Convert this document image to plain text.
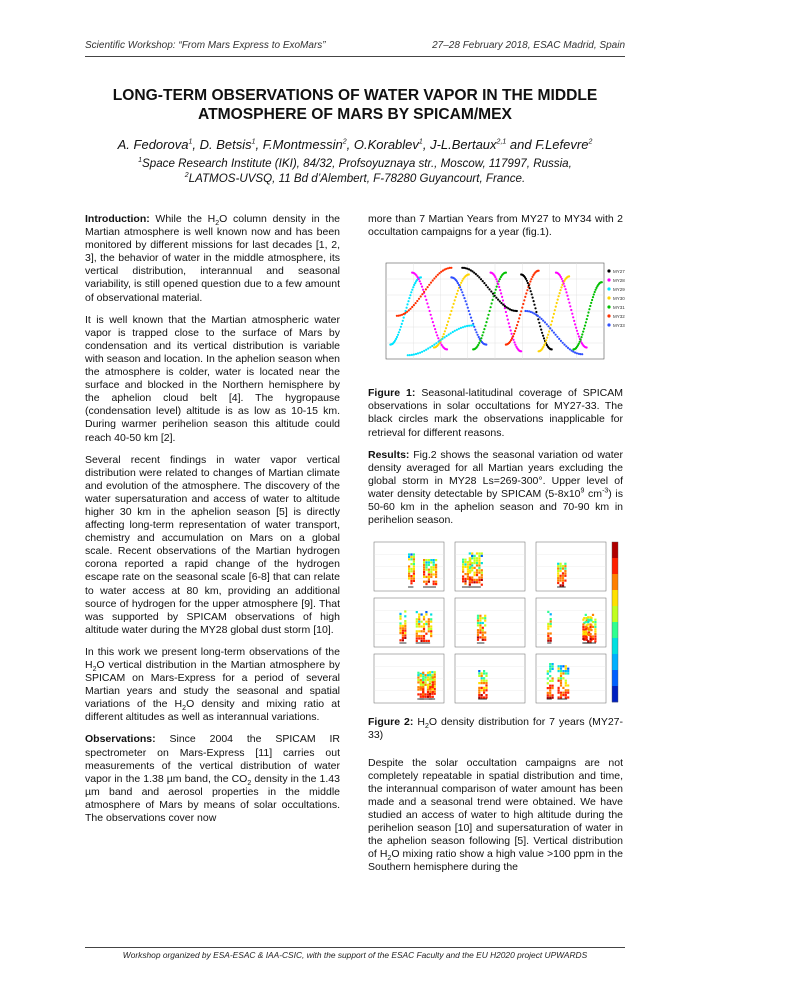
Scientific Workshop: “From Mars Express to ExoMars”	27–28 February 2018, ESAC Madrid, Spain
LONG-TERM OBSERVATIONS OF WATER VAPOR IN THE MIDDLE
ATMOSPHERE OF MARS BY SPICAM/MEX
A. Fedorova$^1$, D. Betsis$^1$, F.Montmessin$^2$, O.Korablev$^1$, J-L.Bertaux$^{2,1}$ and F.Lefevre$^2$

$^1$Space Research Institute (IKI), 84/32, Profsoyuznaya str., Moscow, 117997, Russia,

$^2$LATMOS-UVSQ, 11 Bd d’Alembert, F-78280 Guyancourt, France.

Introduction: While the $H_2O$ column density in the Martian atmosphere is well known now and has been monitored by different missions for last decades [1, 2, 3], the behavior of water in the middle atmosphere, its vertical distribution, interannual and seasonal variability, is still opened question due to a few amount of observational material.

It is well known that the Martian atmospheric water vapor is trapped close to the surface of Mars by condensation and its vertical distribution is variable with season and location. In the aphelion season when the atmosphere is colder, water is located near the surface and blocked in the Northern hemisphere by the aphelion cloud belt [4]. The hygropause (condensation level) altitude is as low as 10-15 km. During warmer perihelion season this altitude could reach 40-50 km [2].

Several recent findings in water vapor vertical distribution were related to changes of Martian climate and evolution of the atmosphere. The discovery of the water supersaturation and access of water to altitude higher 30 km in the aphelion season [5] is directly affecting long-term representation of water transport, chemistry and accumulation on Mars on a global scale. Recent observations of the Martian hydrogen corona reported a rapid change of the hydrogen escape rate on the seasonal scale [6-8] that can relate to water access at 80 km, providing an additional source of hydrogen for the upper atmosphere [9]. That was supported by SPICAM observations of high altitude water during the MY28 global dust storm [10].

In this work we present long-term observations of the $H_2O$ vertical distribution in the Martian atmosphere by SPICAM on Mars-Express for a period of several Martian years and study the seasonal and spatial variations of the $H_2O$ density and mixing ratio at different altitudes as well as interannual variations.

Observations: Since 2004 the SPICAM IR spectrometer on Mars-Express [11] carries out measurements of the vertical distribution of water vapor in the 1.38 µm band, the $CO_2$ density in the 1.43 µm band and aerosol properties in the middle atmosphere of Mars by means of solar occultations. The observations cover now

more than 7 Martian Years from MY27 to MY34 with 2 occultation campaigns for a year (fig.1).

MY27
MY28
MY29
MY30
MY31
MY32
MY33

Figure 1: Seasonal-latitudinal coverage of SPICAM observations in solar occultations for MY27-33. The black circles mark the observations inapplicable for retrieval for different reasons.

Results: Fig.2 shows the seasonal variation od water density averaged for all Martian years excluding the global storm in MY28 Ls=269-300°. Upper level of water density detectable by SPICAM ($5-8x10^9$ $cm^{-3}$) is 50-60 km in the aphelion season and 70-90 km in perihelion season.

Figure 2: $H_2O$ density distribution for 7 years (MY27-33)

Despite the solar occultation campaigns are not completely repeatable in spatial distribution and time, the interannual comparison of water amount has been made and a seasonal trend were obtained. We have studied an access of water to high altitude during the perihelion season [10] and supersaturation of water in the aphelion season following [5]. Vertical distribution of $H_2O$ mixing ratio show a high value >100 ppm in the Southern hemisphere during the

Workshop organized by ESA-ESAC & IAA-CSIC, with the support of the ESAC Faculty and the EU H2020 project UPWARDS
